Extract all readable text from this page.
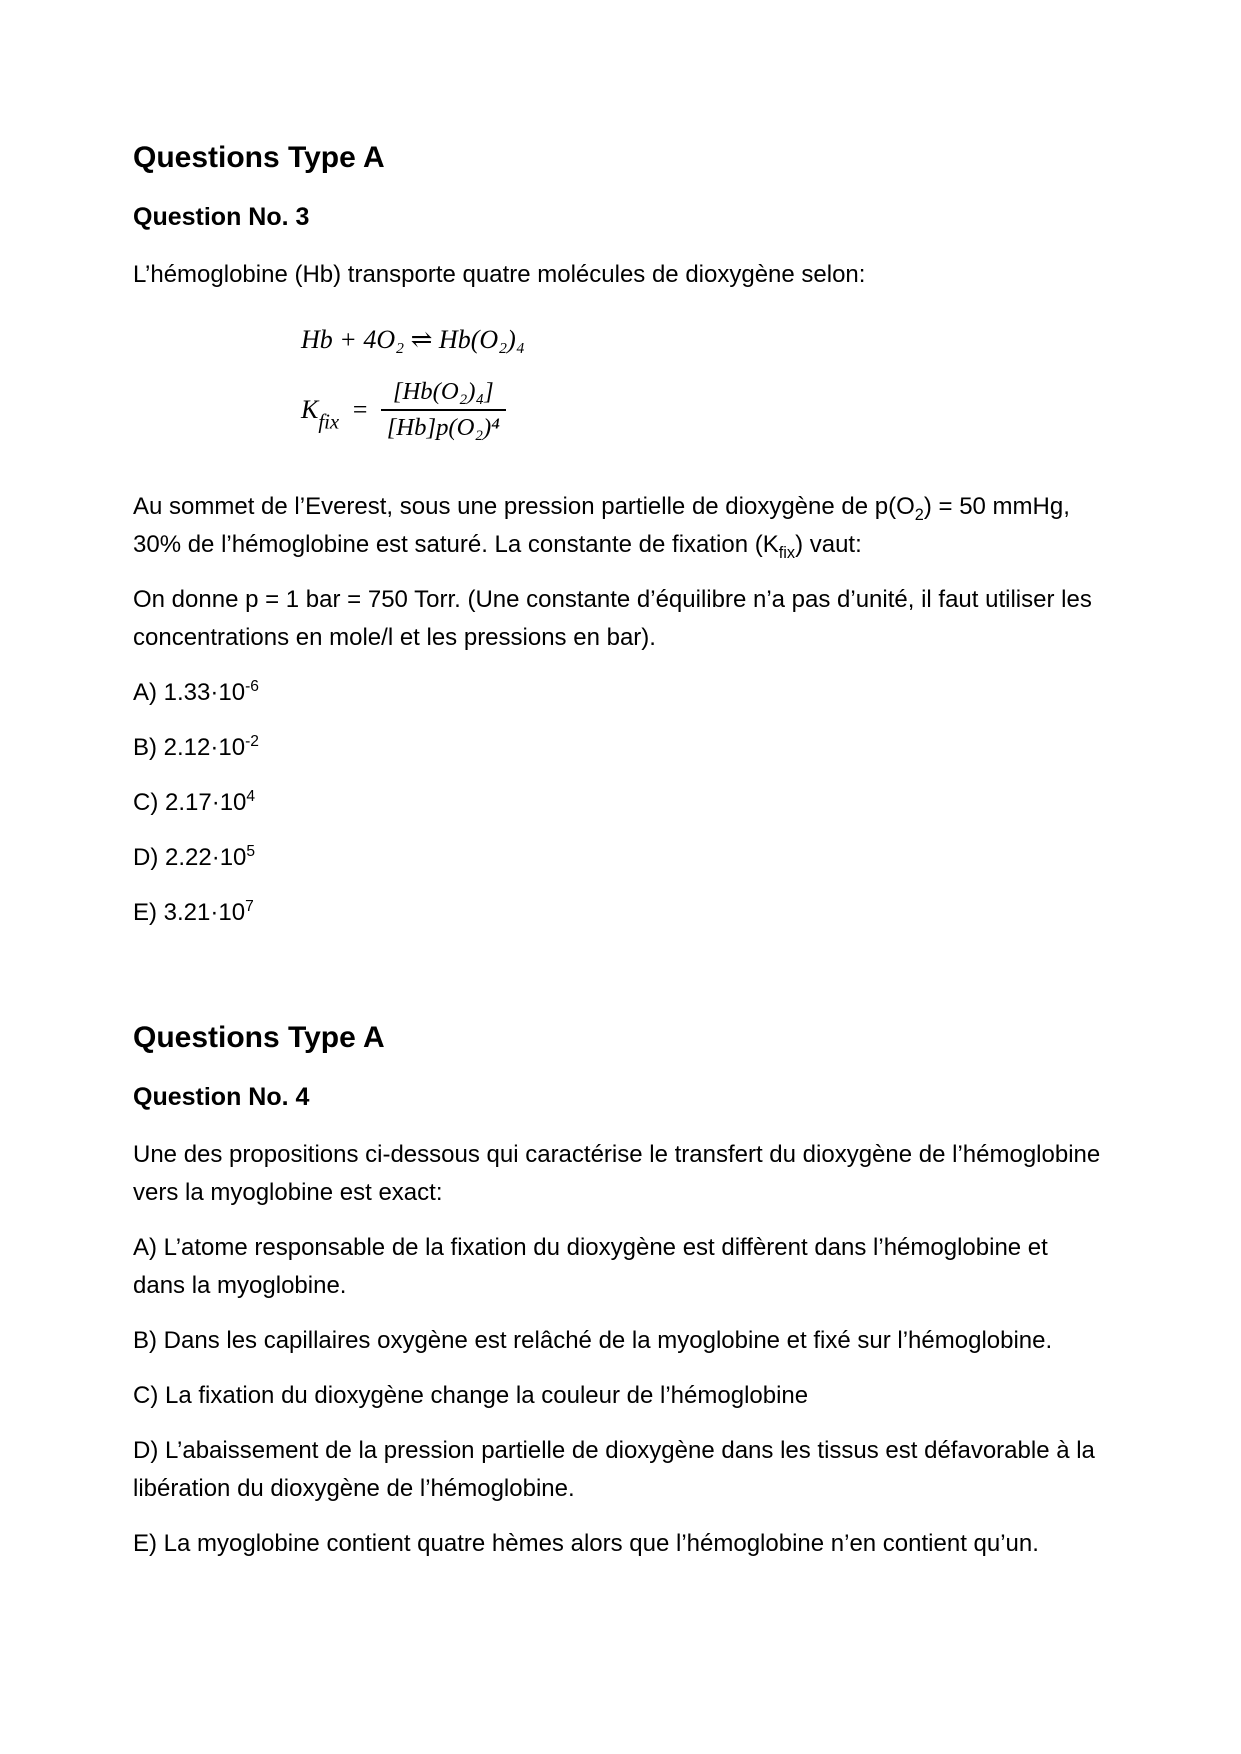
Questions Type A
Question No. 3

L’hémoglobine (Hb) transporte quatre molécules de dioxygène selon:

Hb + 4O₂ ⇌ Hb(O₂)₄
$K_{fix} = \frac{\text{[Hb(O₂)₄]}}{\text{[Hb]p(O₂)⁴}}$

Au sommet de l’Everest, sous une pression partielle de dioxygène de $p(O_2) = 50$ mmHg, 30% de l’hémoglobine est saturé. La constante de fixation $(K_{fix})$ vaut:

On donne p = 1 bar = 750 Torr. (Une constante d’équilibre n’a pas d’unité, il faut utiliser les concentrations en mole/l et les pressions en bar).

A) $1.33\cdot 10^{-6}$

B) $2.12\cdot 10^{-2}$

C) $2.17\cdot 10^4$

D) $2.22\cdot 10^5$

E) $3.21\cdot 10^7$

Questions Type A
Question No. 4

Une des propositions ci-dessous qui caractérise le transfert du dioxygène de l’hémoglobine vers la myoglobine est exact:

A) L’atome responsable de la fixation du dioxygène est diffèrent dans l’hémoglobine et dans la myoglobine.

B) Dans les capillaires oxygène est relâché de la myoglobine et fixé sur l’hémoglobine.

C) La fixation du dioxygène change la couleur de l’hémoglobine

D) L’abaissement de la pression partielle de dioxygène dans les tissus est défavorable à la libération du dioxygène de l’hémoglobine.

E) La myoglobine contient quatre hèmes alors que l’hémoglobine n’en contient qu’un.
